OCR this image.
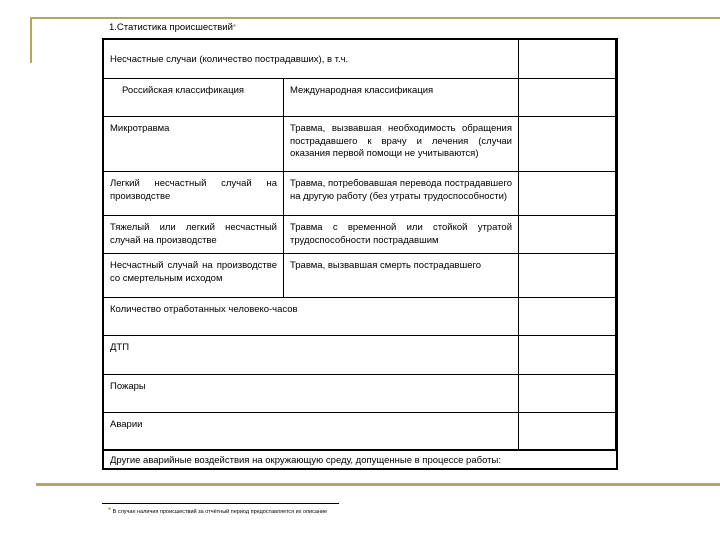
1.Статистика происшествий*
Несчастные случаи (количество пострадавших), в т.ч.
Российская классификация	Международная классификация
Микротравма	Травма, вызвавшая необходимость обращения пострадавшего к врачу и лечения (случаи оказания первой помощи не учитываются)
Легкий несчастный случай на производстве
Травма, потребовавшая перевода пострадавшего на другую работу (без утраты трудоспособности)
Тяжелый или легкий несчастный случай на производстве
Травма с временной или стойкой утратой трудоспособности пострадавшим
Несчастный случай на производстве со смертельным исходом
Травма, вызвавшая смерть пострадавшего
Количество отработанных человеко-часов
ДТП
Пожары
Аварии
Другие аварийные воздействия на окружающую среду, допущенные в процессе работы:
* В случае наличия происшествий за отчётный период предоставляется их описание
